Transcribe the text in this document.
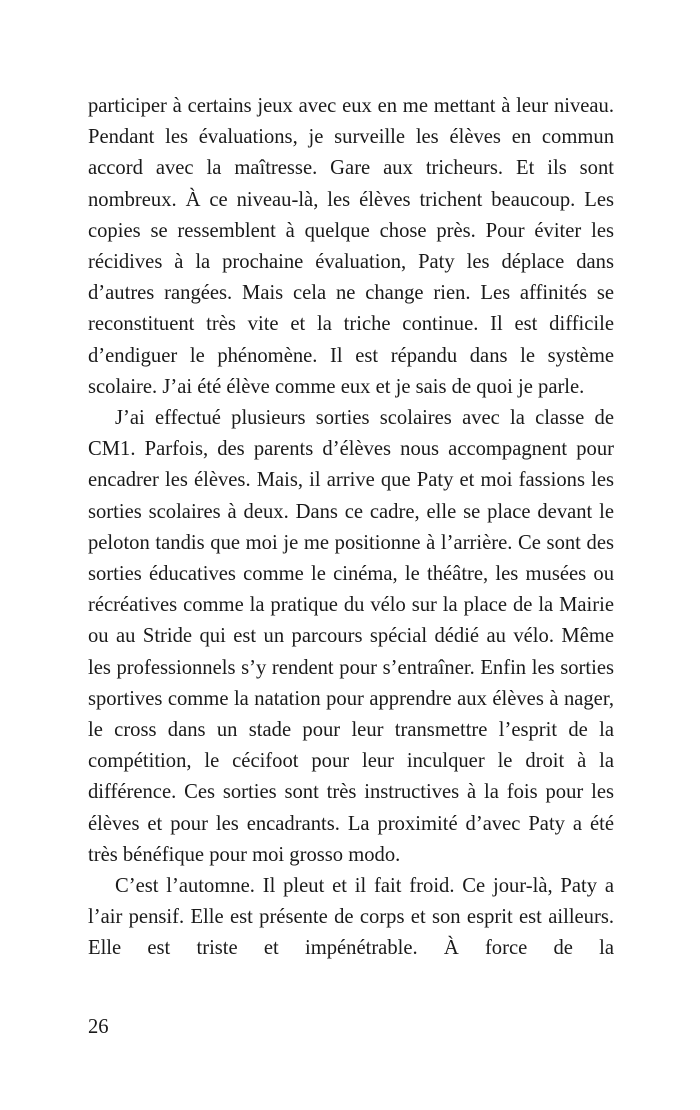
participer à certains jeux avec eux en me mettant à leur niveau. Pendant les évaluations, je surveille les élèves en commun accord avec la maîtresse. Gare aux tricheurs. Et ils sont nombreux. À ce niveau-là, les élèves trichent beaucoup. Les copies se ressemblent à quelque chose près. Pour éviter les récidives à la prochaine évaluation, Paty les déplace dans d’autres rangées. Mais cela ne change rien. Les affinités se reconstituent très vite et la triche continue. Il est difficile d’endiguer le phénomène. Il est répandu dans le système scolaire. J’ai été élève comme eux et je sais de quoi je parle.

J’ai effectué plusieurs sorties scolaires avec la classe de CM1. Parfois, des parents d’élèves nous accompagnent pour encadrer les élèves. Mais, il arrive que Paty et moi fassions les sorties scolaires à deux. Dans ce cadre, elle se place devant le peloton tandis que moi je me positionne à l’arrière. Ce sont des sorties éducatives comme le cinéma, le théâtre, les musées ou récréatives comme la pratique du vélo sur la place de la Mairie ou au Stride qui est un parcours spécial dédié au vélo. Même les professionnels s’y rendent pour s’entraîner. Enfin les sorties sportives comme la natation pour apprendre aux élèves à nager, le cross dans un stade pour leur transmettre l’esprit de la compétition, le cécifoot pour leur inculquer le droit à la différence. Ces sorties sont très instructives à la fois pour les élèves et pour les encadrants. La proximité d’avec Paty a été très bénéfique pour moi grosso modo.

C’est l’automne. Il pleut et il fait froid. Ce jour-là, Paty a l’air pensif. Elle est présente de corps et son esprit est ailleurs. Elle est triste et impénétrable. À force de la

26
